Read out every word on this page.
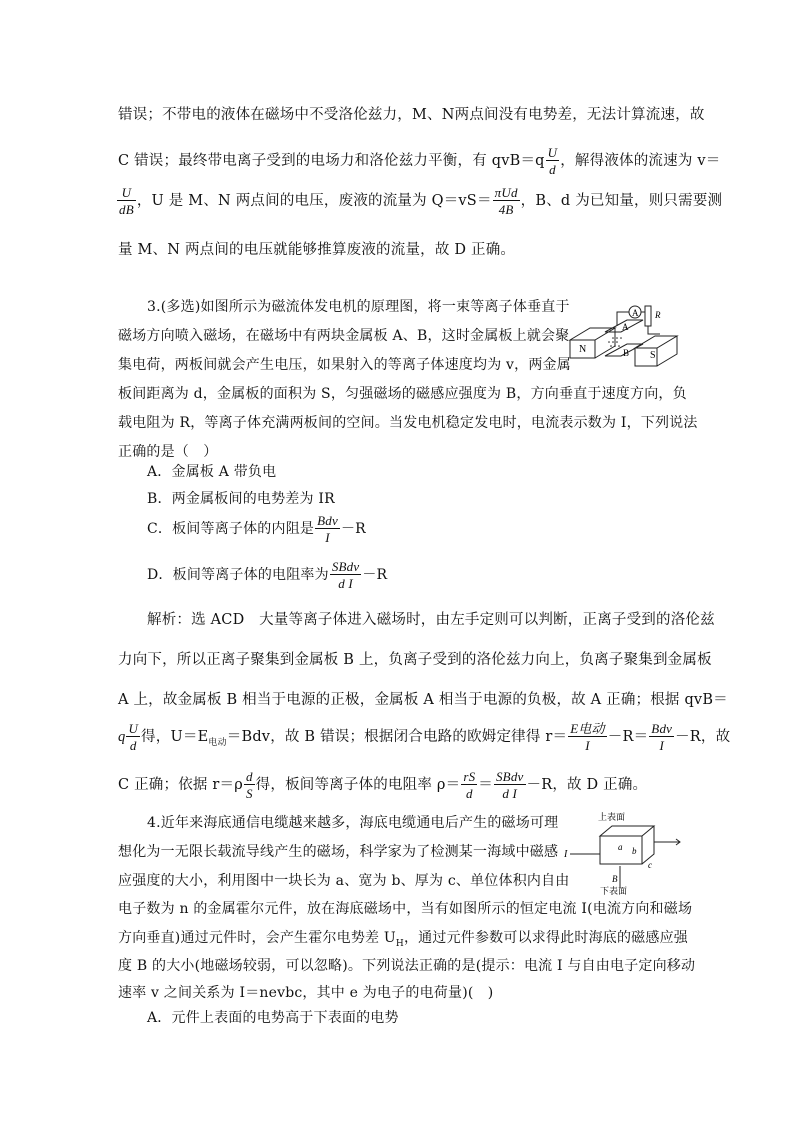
错误；不带电的液体在磁场中不受洛伦兹力，M、N两点间没有电势差，无法计算流速，故
C 错误；最终带电离子受到的电场力和洛伦兹力平衡，有 $qvB=q \frac{U}{d}$ ，解得液体的流速为 v＝
$\frac{U}{dB}$ ，U 是 M、N 两点间的电压，废液的流量为 $Q=vS= \frac{\text{πUd}}{4B}$ ，B、d 为已知量，则只需要测
量 M、N 两点间的电压就能够推算废液的流量，故 D 正确。
3.(多选)如图所示为磁流体发电机的原理图，将一束等离子体垂直于
磁场方向喷入磁场，在磁场中有两块金属板 A、B，这时金属板上就会聚
集电荷，两板间就会产生电压，如果射入的等离子体速度均为 v，两金属
板间距离为 d，金属板的面积为 S，匀强磁场的磁感应强度为 B，方向垂直于速度方向，负
载电阻为 R，等离子体充满两板间的空间。当发电机稳定发电时，电流表示数为 I，下列说法
正确的是（　）
A R
N
S
A
B
A．金属板 A 带负电
B．两金属板间的电势差为 IR
C．板间等离子体的内阻是 $\frac{\text{Bdv}}{I} -R$
D．板间等离子体的电阻率为 $\frac{\text{SBdv}}{\text{d I}} -R$
解析：选 ACD　大量等离子体进入磁场时，由左手定则可以判断，正离子受到的洛伦兹
力向下，所以正离子聚集到金属板 B 上，负离子受到的洛伦兹力向上，负离子聚集到金属板
A 上，故金属板 B 相当于电源的正极，金属板 A 相当于电源的负极，故 A 正确；根据 qvB＝
q $\frac{U}{d}$ 得，$U=E_{电动}=Bdv$，故 B 错误；根据闭合电路的欧姆定律得 $r= \frac{\text{E电动}}{I} -R= \frac{\text{Bdv}}{I} -R$，故
C 正确；依据 $r=\rho \frac{d}{S}$ 得，板间等离子体的电阻率 $\rho= \frac{rS}{d} = \frac{\text{SBdv}}{\text{d I}} -R$，故 D 正确。
4.近年来海底通信电缆越来越多，海底电缆通电后产生的磁场可理
想化为一无限长载流导线产生的磁场，科学家为了检测某一海域中磁感
应强度的大小，利用图中一块长为 a、宽为 b、厚为 c、单位体积内自由
电子数为 n 的金属霍尔元件，放在海底磁场中，当有如图所示的恒定电流 I(电流方向和磁场
方向垂直)通过元件时，会产生霍尔电势差 $U_H$，通过元件参数可以求得此时海底的磁感应强
度 B 的大小(地磁场较弱，可以忽略)。下列说法正确的是(提示：电流 I 与自由电子定向移动
速率 v 之间关系为 I＝nevbc，其中 e 为电子的电荷量)(　)
A．元件上表面的电势高于下表面的电势
上表面
下表面
I
a b
c
B
